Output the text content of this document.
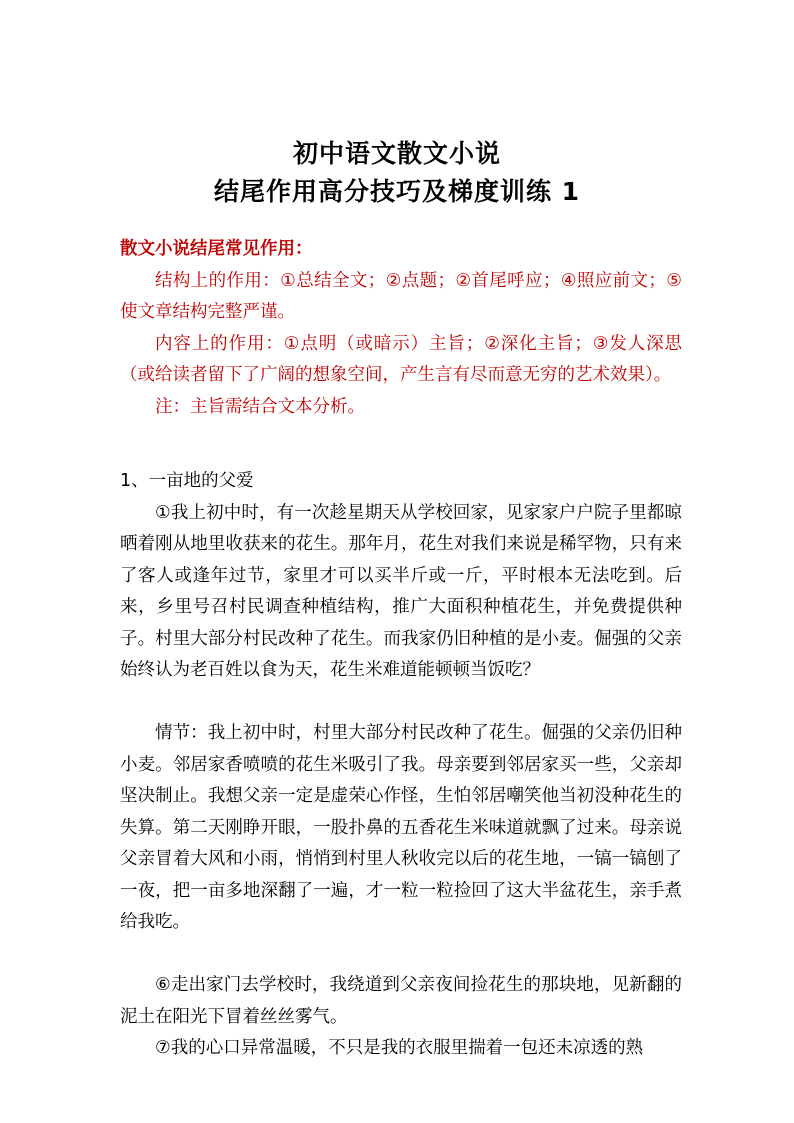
初中语文散文小说
结尾作用高分技巧及梯度训练 1

散文小说结尾常见作用：

结构上的作用：①总结全文；②点题；②首尾呼应；④照应前文；⑤使文章结构完整严谨。

内容上的作用：①点明（或暗示）主旨；②深化主旨；③发人深思（或给读者留下了广阔的想象空间，产生言有尽而意无穷的艺术效果）。

注：主旨需结合文本分析。

1、一亩地的父爱

①我上初中时，有一次趁星期天从学校回家，见家家户户院子里都晾晒着刚从地里收获来的花生。那年月，花生对我们来说是稀罕物，只有来了客人或逢年过节，家里才可以买半斤或一斤，平时根本无法吃到。后来，乡里号召村民调查种植结构，推广大面积种植花生，并免费提供种子。村里大部分村民改种了花生。而我家仍旧种植的是小麦。倔强的父亲始终认为老百姓以食为天，花生米难道能顿顿当饭吃？

情节：我上初中时，村里大部分村民改种了花生。倔强的父亲仍旧种小麦。邻居家香喷喷的花生米吸引了我。母亲要到邻居家买一些，父亲却坚决制止。我想父亲一定是虚荣心作怪，生怕邻居嘲笑他当初没种花生的失算。第二天刚睁开眼，一股扑鼻的五香花生米味道就飘了过来。母亲说父亲冒着大风和小雨，悄悄到村里人秋收完以后的花生地，一镐一镐刨了一夜，把一亩多地深翻了一遍，才一粒一粒捡回了这大半盆花生，亲手煮给我吃。

⑥走出家门去学校时，我绕道到父亲夜间捡花生的那块地，见新翻的泥土在阳光下冒着丝丝雾气。

⑦我的心口异常温暖，不只是我的衣服里揣着一包还未凉透的熟
